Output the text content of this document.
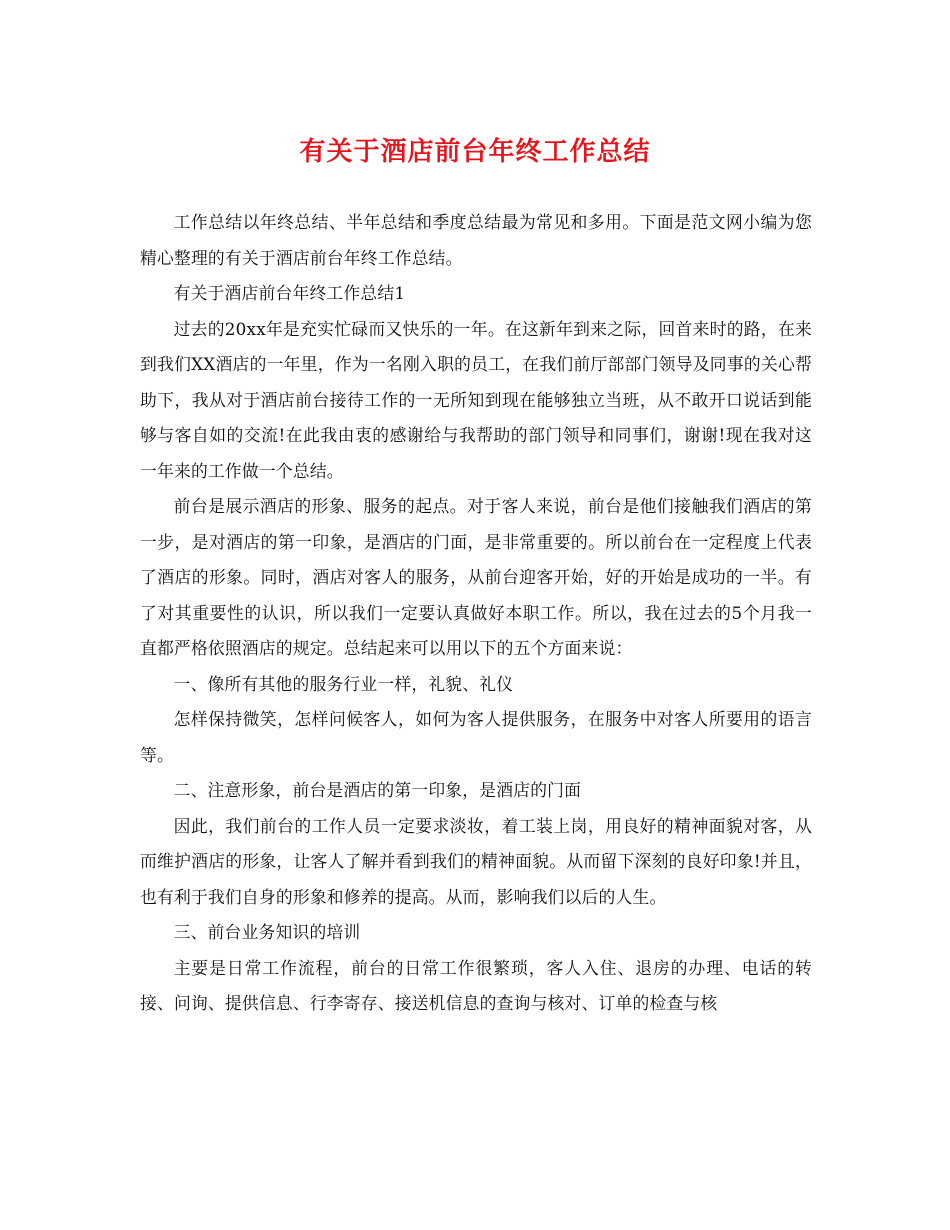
有关于酒店前台年终工作总结

工作总结以年终总结、半年总结和季度总结最为常见和多用。下面是范文网小编为您精心整理的有关于酒店前台年终工作总结。

有关于酒店前台年终工作总结1

过去的20xx年是充实忙碌而又快乐的一年。在这新年到来之际，回首来时的路，在来到我们XX酒店的一年里，作为一名刚入职的员工，在我们前厅部部门领导及同事的关心帮助下，我从对于酒店前台接待工作的一无所知到现在能够独立当班，从不敢开口说话到能够与客自如的交流!在此我由衷的感谢给与我帮助的部门领导和同事们，谢谢!现在我对这一年来的工作做一个总结。

前台是展示酒店的形象、服务的起点。对于客人来说，前台是他们接触我们酒店的第一步，是对酒店的第一印象，是酒店的门面，是非常重要的。所以前台在一定程度上代表了酒店的形象。同时，酒店对客人的服务，从前台迎客开始，好的开始是成功的一半。有了对其重要性的认识，所以我们一定要认真做好本职工作。所以，我在过去的5个月我一直都严格依照酒店的规定。总结起来可以用以下的五个方面来说：

一、像所有其他的服务行业一样，礼貌、礼仪

怎样保持微笑，怎样问候客人，如何为客人提供服务，在服务中对客人所要用的语言等。

二、注意形象，前台是酒店的第一印象，是酒店的门面

因此，我们前台的工作人员一定要求淡妆，着工装上岗，用良好的精神面貌对客，从而维护酒店的形象，让客人了解并看到我们的精神面貌。从而留下深刻的良好印象!并且，也有利于我们自身的形象和修养的提高。从而，影响我们以后的人生。

三、前台业务知识的培训

主要是日常工作流程，前台的日常工作很繁琐，客人入住、退房的办理、电话的转接、问询、提供信息、行李寄存、接送机信息的查询与核对、订单的检查与核
